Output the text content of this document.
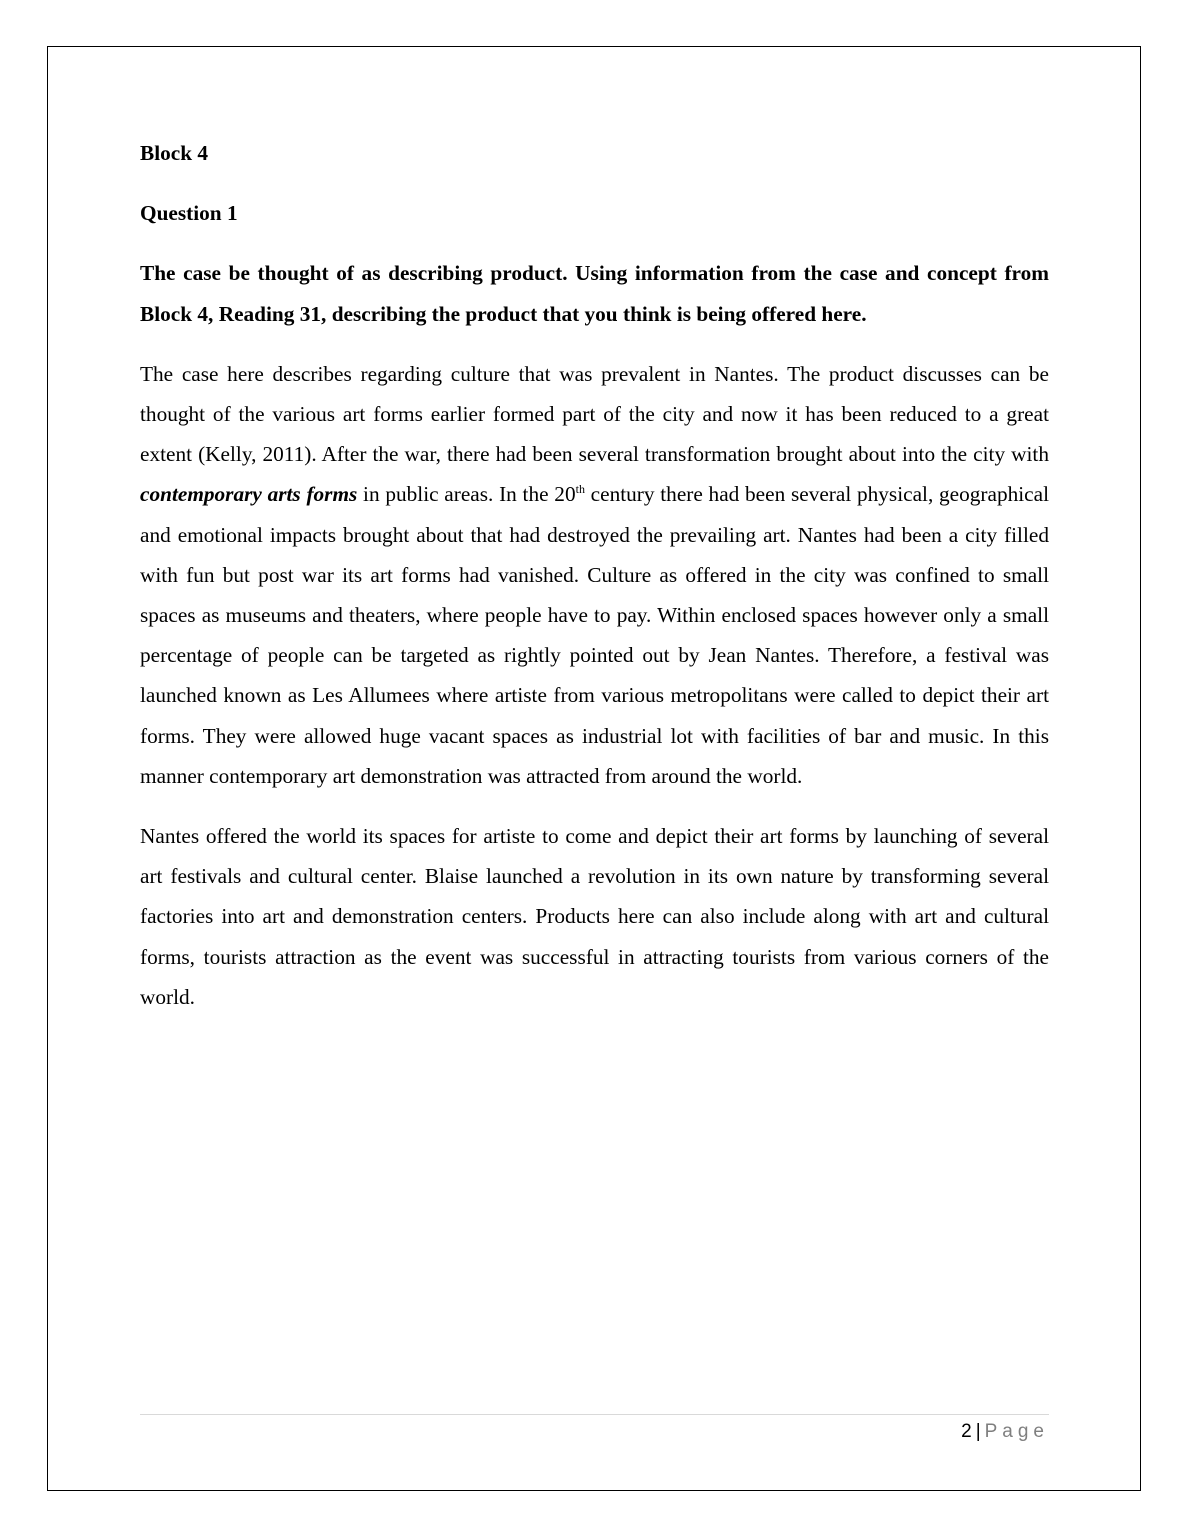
Block 4

Question 1

The case be thought of as describing product. Using information from the case and concept from Block 4, Reading 31, describing the product that you think is being offered here.

The case here describes regarding culture that was prevalent in Nantes. The product discusses can be thought of the various art forms earlier formed part of the city and now it has been reduced to a great extent (Kelly, 2011). After the war, there had been several transformation brought about into the city with contemporary arts forms in public areas. In the 20th century there had been several physical, geographical and emotional impacts brought about that had destroyed the prevailing art. Nantes had been a city filled with fun but post war its art forms had vanished. Culture as offered in the city was confined to small spaces as museums and theaters, where people have to pay. Within enclosed spaces however only a small percentage of people can be targeted as rightly pointed out by Jean Nantes. Therefore, a festival was launched known as Les Allumees where artiste from various metropolitans were called to depict their art forms. They were allowed huge vacant spaces as industrial lot with facilities of bar and music. In this manner contemporary art demonstration was attracted from around the world.

Nantes offered the world its spaces for artiste to come and depict their art forms by launching of several art festivals and cultural center. Blaise launched a revolution in its own nature by transforming several factories into art and demonstration centers. Products here can also include along with art and cultural forms, tourists attraction as the event was successful in attracting tourists from various corners of the world.

2 | Page
